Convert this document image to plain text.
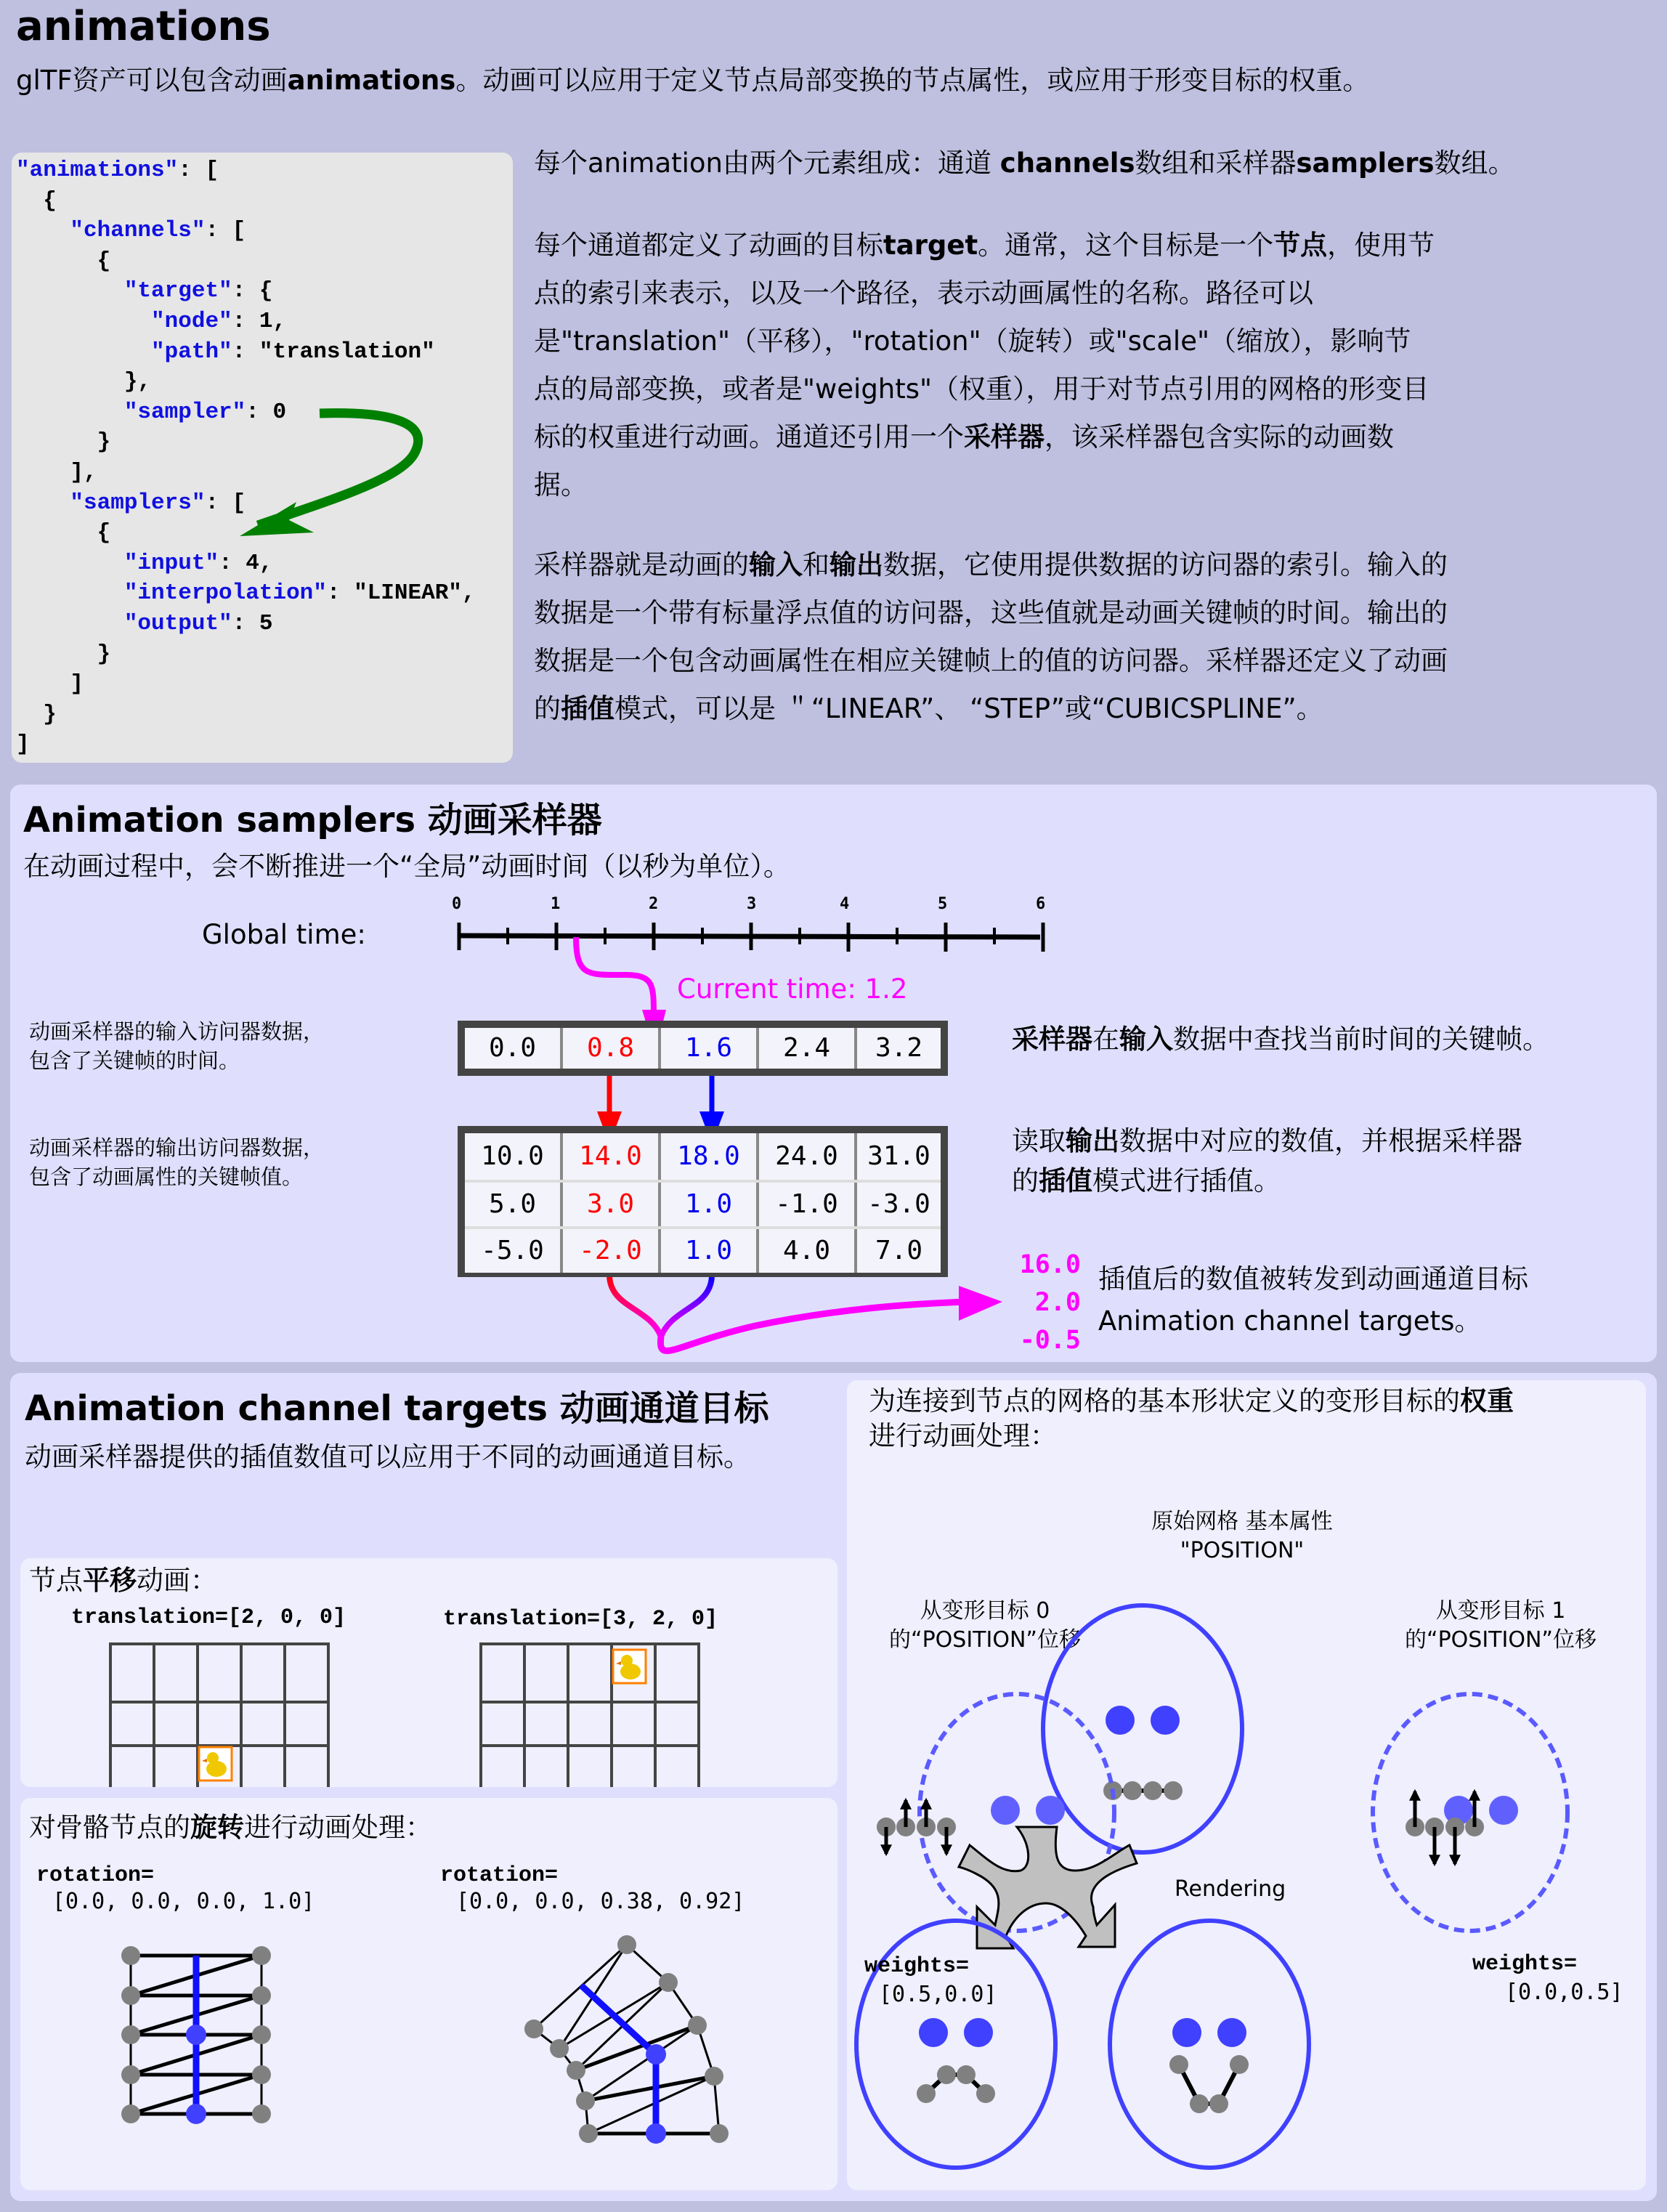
animations
glTF资产可以包含动画animations。动画可以应用于定义节点局部变换的节点属性，或应用于形变目标的权重。
"animations": [
{
"channels": [
{
"target": {
"node": 1,
"path": "translation"
},
"sampler": 0
}
],
"samplers": [
{
"input": 4,
"interpolation": "LINEAR",
"output": 5
}
]
}
]
每个animation由两个元素组成：通道 channels数组和采样器samplers数组。
每个通道都定义了动画的目标target。通常，这个目标是一个节点，使用节
点的索引来表示，以及一个路径，表示动画属性的名称。路径可以
是"translation"（平移），"rotation"（旋转）或"scale"（缩放），影响节
点的局部变换，或者是"weights"（权重），用于对节点引用的网格的形变目
标的权重进行动画。通道还引用一个采样器，该采样器包含实际的动画数
据。
采样器就是动画的输入和输出数据，它使用提供数据的访问器的索引。输入的
数据是一个带有标量浮点值的访问器，这些值就是动画关键帧的时间。输出的
数据是一个包含动画属性在相应关键帧上的值的访问器。采样器还定义了动画
的插值模式，可以是 ＂“LINEAR”、 “STEP”或“CUBICSPLINE”。
Animation samplers 动画采样器
在动画过程中，会不断推进一个“全局”动画时间（以秒为单位）。
Global time:
0	1	2	3	4	5	6
Current time: 1.2
动画采样器的输入访问器数据，
包含了关键帧的时间。
动画采样器的输出访问器数据，
包含了动画属性的关键帧值。
0.0	0.8	1.6	2.4	3.2
10.0	14.0	18.0	24.0	31.0
5.0	3.0	1.0	-1.0	-3.0
-5.0	-2.0	1.0	4.0	7.0
采样器在输入数据中查找当前时间的关键帧。
读取输出数据中对应的数值，并根据采样器
的插值模式进行插值。
16.0
2.0
-0.5
插值后的数值被转发到动画通道目标
Animation channel targets。
Animation channel targets 动画通道目标
动画采样器提供的插值数值可以应用于不同的动画通道目标。
节点平移动画：
translation=[2, 0, 0]	translation=[3, 2, 0]
对骨骼节点的旋转进行动画处理：
rotation=
[0.0, 0.0, 0.0, 1.0]
rotation=
[0.0, 0.0, 0.38, 0.92]
为连接到节点的网格的基本形状定义的变形目标的权重
进行动画处理：
原始网格 基本属性
"POSITION"
从变形目标 0
的“POSITION”位移
从变形目标 1
的“POSITION”位移
weights=
[0.5,0.0]
weights=
[0.0,0.5]
Rendering
